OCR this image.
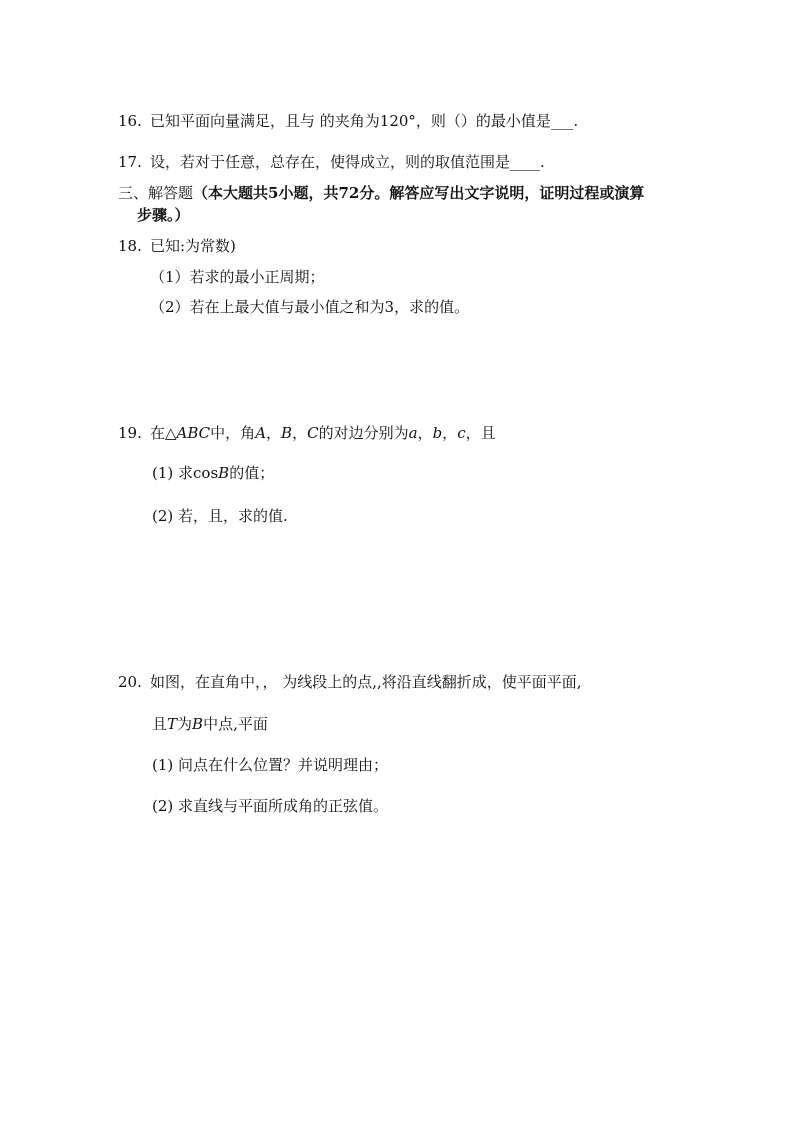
16. 已知平面向量满足，且与 的夹角为120°，则（）的最小值是___.
17. 设，若对于任意，总存在，使得成立，则的取值范围是____.
三、解答题（本大题共5小题，共72分。解答应写出文字说明，证明过程或演算
步骤。）
18. 已知:为常数)
（1）若求的最小正周期；
（2）若在上最大值与最小值之和为3，求的值。
19. 在△ABC中，角A，B，C的对边分别为a，b，c，且
(1) 求cosB的值；
(2) 若，且，求的值.
20. 如图，在直角中，， 为线段上的点,,将沿直线翻折成，使平面平面,
且T为B中点,平面
(1) 问点在什么位置？并说明理由；
(2) 求直线与平面所成角的正弦值。
